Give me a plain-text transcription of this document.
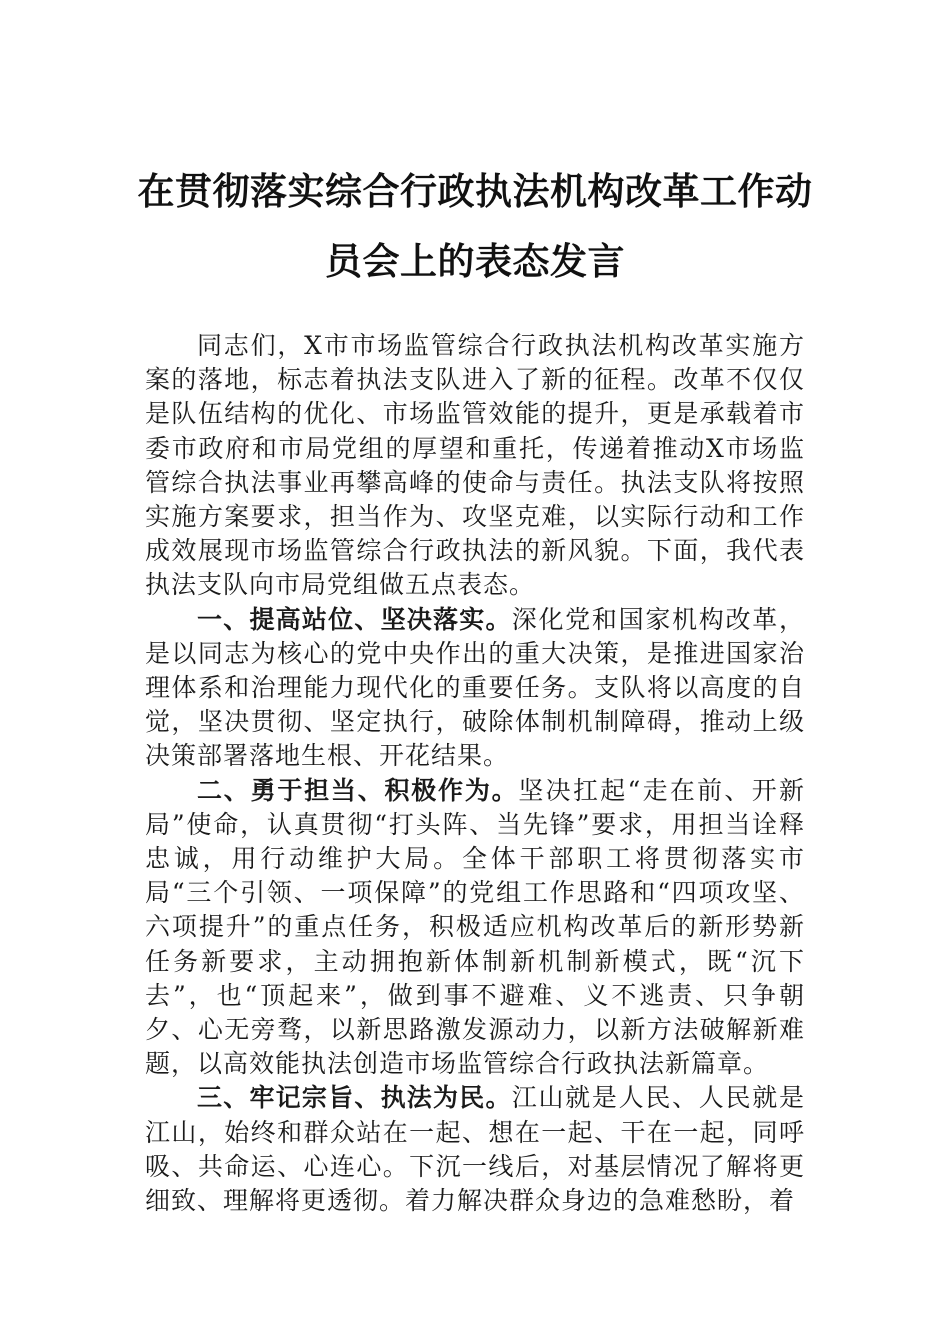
在贯彻落实综合行政执法机构改革工作动
员会上的表态发言

同志们，X市市场监管综合行政执法机构改革实施方案的落地，标志着执法支队进入了新的征程。改革不仅仅是队伍结构的优化、市场监管效能的提升，更是承载着市委市政府和市局党组的厚望和重托，传递着推动X市场监管综合执法事业再攀高峰的使命与责任。执法支队将按照实施方案要求，担当作为、攻坚克难，以实际行动和工作成效展现市场监管综合行政执法的新风貌。下面，我代表执法支队向市局党组做五点表态。

一、提高站位、坚决落实。深化党和国家机构改革，是以同志为核心的党中央作出的重大决策，是推进国家治理体系和治理能力现代化的重要任务。支队将以高度的自觉，坚决贯彻、坚定执行，破除体制机制障碍，推动上级决策部署落地生根、开花结果。

二、勇于担当、积极作为。坚决扛起“走在前、开新局”使命，认真贯彻“打头阵、当先锋”要求，用担当诠释忠诚，用行动维护大局。全体干部职工将贯彻落实市局“三个引领、一项保障”的党组工作思路和“四项攻坚、六项提升”的重点任务，积极适应机构改革后的新形势新任务新要求，主动拥抱新体制新机制新模式，既“沉下去”，也“顶起来”，做到事不避难、义不逃责、只争朝夕、心无旁骛，以新思路激发源动力，以新方法破解新难题，以高效能执法创造市场监管综合行政执法新篇章。

三、牢记宗旨、执法为民。江山就是人民、人民就是江山，始终和群众站在一起、想在一起、干在一起，同呼吸、共命运、心连心。下沉一线后，对基层情况了解将更细致、理解将更透彻。着力解决群众身边的急难愁盼，着
